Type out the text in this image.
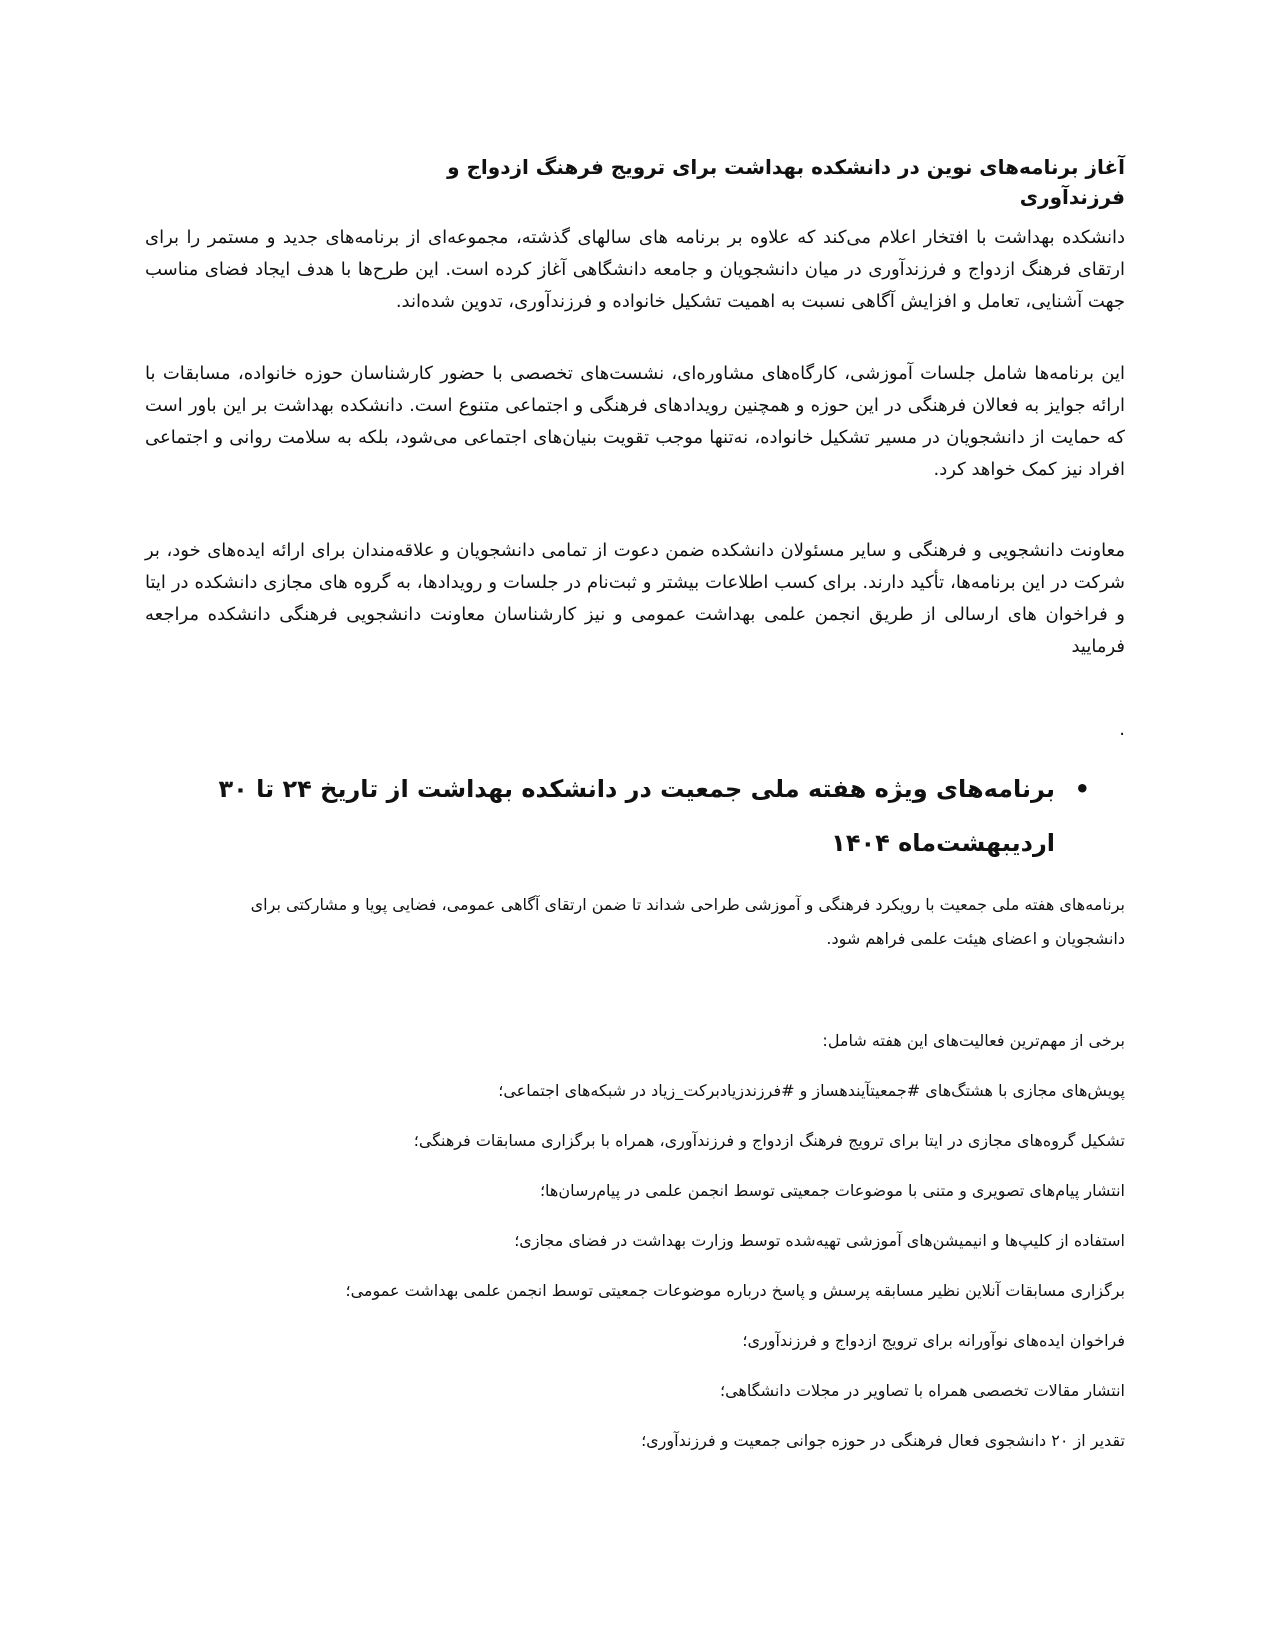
آغاز برنامه‌های نوین در دانشکده بهداشت برای ترویج فرهنگ ازدواج و فرزندآوری

دانشکده بهداشت با افتخار اعلام می‌کند که علاوه بر برنامه های سالهای گذشته، مجموعه‌ای از برنامه‌های جدید و مستمر را برای ارتقای فرهنگ ازدواج و فرزندآوری در میان دانشجویان و جامعه دانشگاهی آغاز کرده است. این طرح‌ها با هدف ایجاد فضای مناسب جهت آشنایی، تعامل و افزایش آگاهی نسبت به اهمیت تشکیل خانواده و فرزندآوری، تدوین شده‌اند.

این برنامه‌ها شامل جلسات آموزشی، کارگاه‌های مشاوره‌ای، نشست‌های تخصصی با حضور کارشناسان حوزه خانواده، مسابقات با ارائه جوایز به فعالان فرهنگی در این حوزه و همچنین رویدادهای فرهنگی و اجتماعی متنوع است. دانشکده بهداشت بر این باور است که حمایت از دانشجویان در مسیر تشکیل خانواده، نه‌تنها موجب تقویت بنیان‌های اجتماعی می‌شود، بلکه به سلامت روانی و اجتماعی افراد نیز کمک خواهد کرد.

معاونت دانشجویی و فرهنگی و سایر مسئولان دانشکده ضمن دعوت از تمامی دانشجویان و علاقه‌مندان برای ارائه ایده‌های خود، بر شرکت در این برنامه‌ها، تأکید دارند. برای کسب اطلاعات بیشتر و ثبت‌نام در جلسات و رویدادها، به گروه های مجازی دانشکده در ایتا و فراخوان های ارسالی از طریق انجمن علمی بهداشت عمومی و نیز کارشناسان معاونت دانشجویی فرهنگی دانشکده مراجعه فرمایید

.
•
برنامه‌های ویژه هفته ملی جمعیت در دانشکده بهداشت از تاریخ ۲۴ تا ۳۰ اردیبهشت‌ماه ۱۴۰۴

برنامه‌های هفته ملی جمعیت با رویکرد فرهنگی و آموزشی طراحی شداند تا ضمن ارتقای آگاهی عمومی، فضایی پویا و مشارکتی برای دانشجویان و اعضای هیئت علمی فراهم شود.

برخی از مهم‌ترین فعالیت‌های این هفته شامل:
پویش‌های مجازی با هشتگ‌های #جمعیتآیندهساز و #فرزندزیادبرکت_زیاد در شبکه‌های اجتماعی؛
تشکیل گروه‌های مجازی در ایتا برای ترویج فرهنگ ازدواج و فرزندآوری، همراه با برگزاری مسابقات فرهنگی؛
انتشار پیام‌های تصویری و متنی با موضوعات جمعیتی توسط انجمن علمی در پیام‌رسان‌ها؛
استفاده از کلیپ‌ها و انیمیشن‌های آموزشی تهیه‌شده توسط وزارت بهداشت در فضای مجازی؛
برگزاری مسابقات آنلاین نظیر مسابقه پرسش و پاسخ درباره موضوعات جمعیتی توسط انجمن علمی بهداشت عمومی؛
فراخوان ایده‌های نوآورانه برای ترویج ازدواج و فرزندآوری؛
انتشار مقالات تخصصی همراه با تصاویر در مجلات دانشگاهی؛
تقدیر از ۲۰ دانشجوی فعال فرهنگی در حوزه جوانی جمعیت و فرزندآوری؛
